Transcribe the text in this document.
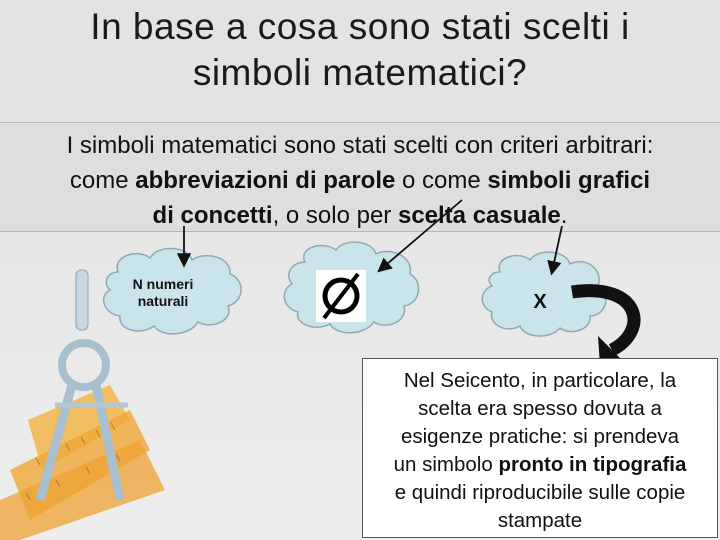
In base a cosa sono stati scelti i
simboli matematici?
I simboli matematici sono stati scelti con criteri arbitrari:
come abbreviazioni di parole o come simboli grafici
di concetti, o solo per scelta casuale.
N numeri
naturali	X
Nel Seicento, in particolare, la
scelta era spesso dovuta a
esigenze pratiche: si prendeva
un simbolo pronto in tipografia
e quindi riproducibile sulle copie
stampate
